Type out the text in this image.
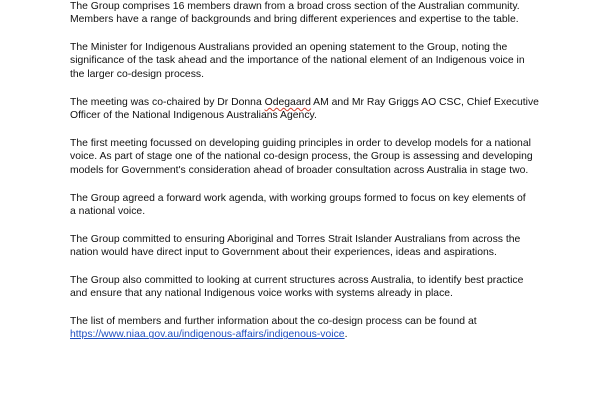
The Group comprises 16 members drawn from a broad cross section of the Australian community.
Members have a range of backgrounds and bring different experiences and expertise to the table.

The Minister for Indigenous Australians provided an opening statement to the Group, noting the
significance of the task ahead and the importance of the national element of an Indigenous voice in
the larger co-design process.

The meeting was co-chaired by Dr Donna Odegaard AM and Mr Ray Griggs AO CSC, Chief Executive
Officer of the National Indigenous Australians Agency.

The first meeting focussed on developing guiding principles in order to develop models for a national
voice. As part of stage one of the national co-design process, the Group is assessing and developing
models for Government's consideration ahead of broader consultation across Australia in stage two.

The Group agreed a forward work agenda, with working groups formed to focus on key elements of
a national voice.

The Group committed to ensuring Aboriginal and Torres Strait Islander Australians from across the
nation would have direct input to Government about their experiences, ideas and aspirations.

The Group also committed to looking at current structures across Australia, to identify best practice
and ensure that any national Indigenous voice works with systems already in place.

The list of members and further information about the co-design process can be found at
https://www.niaa.gov.au/indigenous-affairs/indigenous-voice.
